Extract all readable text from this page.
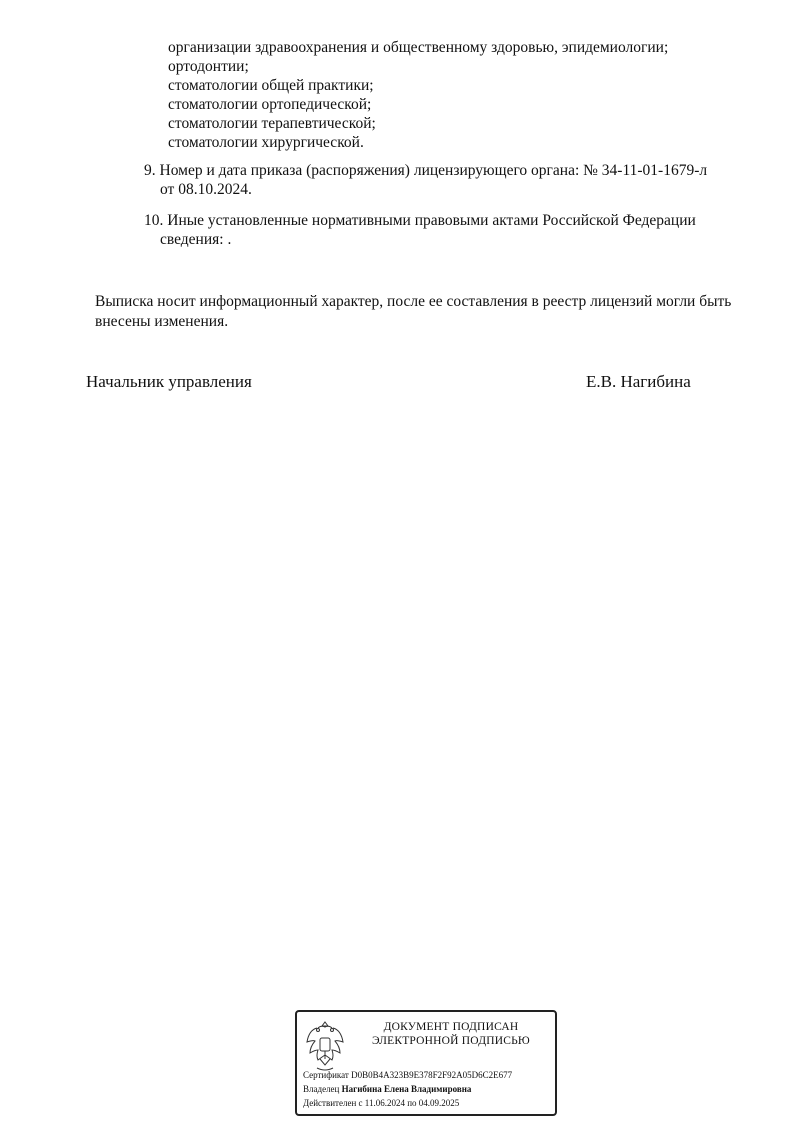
организации здравоохранения и общественному здоровью, эпидемиологии;
ортодонтии;
стоматологии общей практики;
стоматологии ортопедической;
стоматологии терапевтической;
стоматологии хирургической.
9. Номер и дата приказа (распоряжения) лицензирующего органа: № 34-11-01-1679-л
от 08.10.2024.
10. Иные установленные нормативными правовыми актами Российской Федерации
сведения: .
Выписка носит информационный характер, после ее составления в реестр лицензий могли быть
внесены изменения.
Начальник управления	Е.В. Нагибина
ДОКУМЕНТ ПОДПИСАН
ЭЛЕКТРОННОЙ ПОДПИСЬЮ
Сертификат D0B0B4A323B9E378F2F92A05D6C2E677
Владелец Нагибина Елена Владимировна
Действителен с 11.06.2024 по 04.09.2025
